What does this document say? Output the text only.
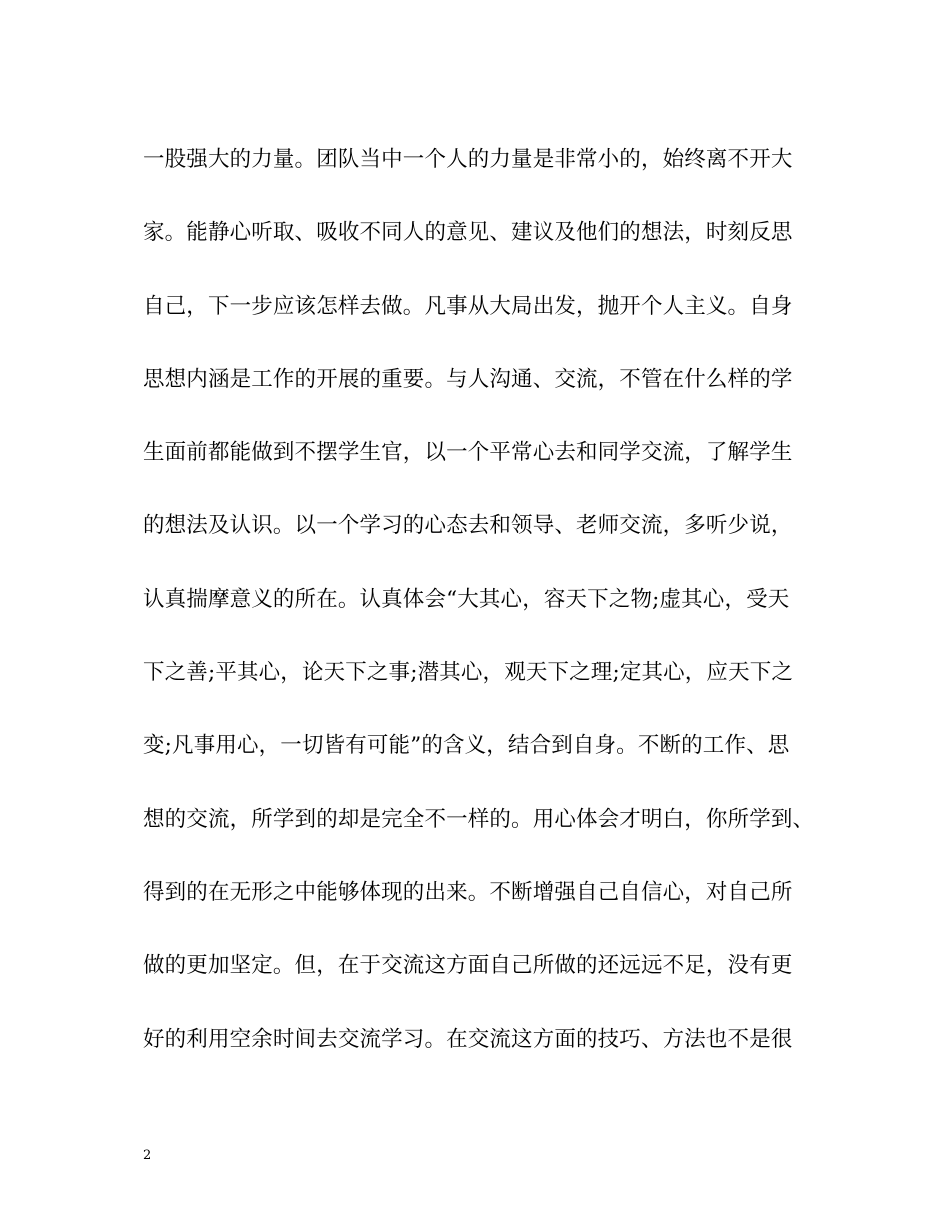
一股强大的力量。团队当中一个人的力量是非常小的，始终离不开大
家。能静心听取、吸收不同人的意见、建议及他们的想法，时刻反思
自己，下一步应该怎样去做。凡事从大局出发，抛开个人主义。自身
思想内涵是工作的开展的重要。与人沟通、交流，不管在什么样的学
生面前都能做到不摆学生官，以一个平常心去和同学交流，了解学生
的想法及认识。以一个学习的心态去和领导、老师交流，多听少说，
认真揣摩意义的所在。认真体会“大其心，容天下之物;虚其心，受天
下之善;平其心，论天下之事;潜其心，观天下之理;定其心，应天下之
变;凡事用心，一切皆有可能”的含义，结合到自身。不断的工作、思
想的交流，所学到的却是完全不一样的。用心体会才明白，你所学到、
得到的在无形之中能够体现的出来。不断增强自己自信心，对自己所
做的更加坚定。但，在于交流这方面自己所做的还远远不足，没有更
好的利用空余时间去交流学习。在交流这方面的技巧、方法也不是很
2
